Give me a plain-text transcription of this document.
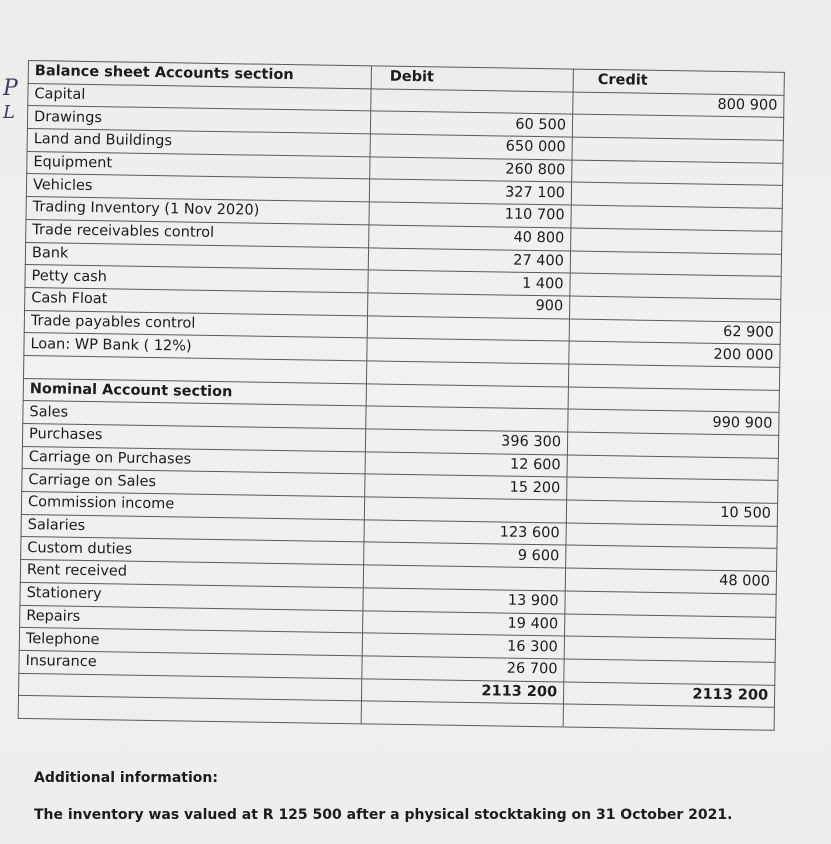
P
L
Balance sheet Accounts section	Debit	Credit
Capital		800 900
Drawings	60 500	
Land and Buildings	650 000	
Equipment	260 800	
Vehicles	327 100	
Trading Inventory (1 Nov 2020)	110 700	
Trade receivables control	40 800	
Bank	27 400	
Petty cash	1 400	
Cash Float	900	
Trade payables control		62 900
Loan: WP Bank ( 12%)		200 000

Nominal Account section		
Sales		990 900
Purchases	396 300	
Carriage on Purchases	12 600	
Carriage on Sales	15 200	
Commission income		10 500
Salaries	123 600	
Custom duties	9 600	
Rent received		48 000
Stationery	13 900	
Repairs	19 400	
Telephone	16 300	
Insurance	26 700	
	2113 200	2113 200

Additional information:
The inventory was valued at R 125 500 after a physical stocktaking on 31 October 2021.
